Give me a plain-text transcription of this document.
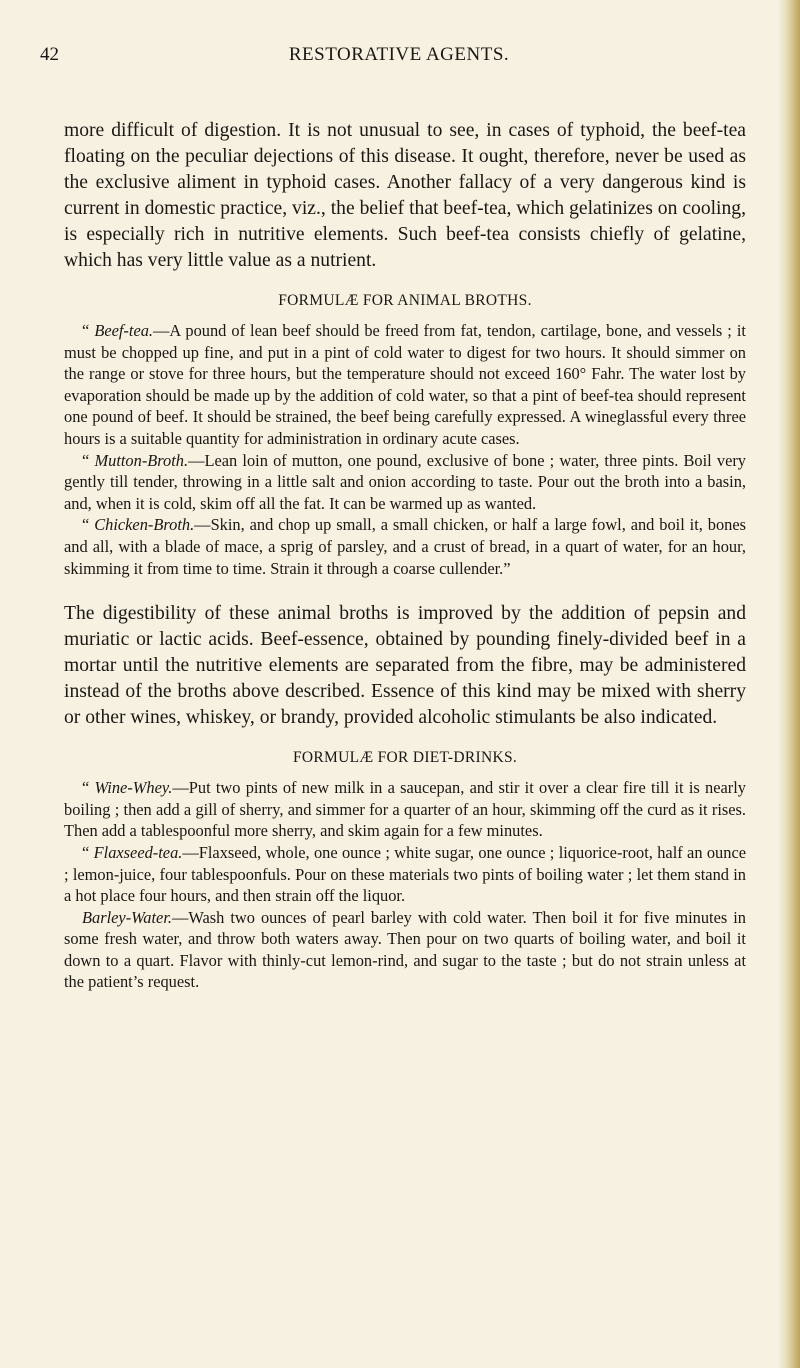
42	RESTORATIVE AGENTS.

more difficult of digestion. It is not unusual to see, in cases of typhoid, the beef-tea floating on the peculiar dejections of this disease. It ought, therefore, never be used as the exclusive aliment in typhoid cases. Another fallacy of a very dangerous kind is current in domestic practice, viz., the belief that beef-tea, which gelatinizes on cooling, is especially rich in nutritive elements. Such beef-tea consists chiefly of gelatine, which has very little value as a nutrient.

FORMULÆ FOR ANIMAL BROTHS.

“ Beef-tea.—A pound of lean beef should be freed from fat, tendon, cartilage, bone, and vessels ; it must be chopped up fine, and put in a pint of cold water to digest for two hours. It should simmer on the range or stove for three hours, but the temperature should not exceed 160° Fahr. The water lost by evaporation should be made up by the addition of cold water, so that a pint of beef-tea should represent one pound of beef. It should be strained, the beef being carefully expressed. A wineglassful every three hours is a suitable quantity for administration in ordinary acute cases.

“ Mutton-Broth.—Lean loin of mutton, one pound, exclusive of bone ; water, three pints. Boil very gently till tender, throwing in a little salt and onion according to taste. Pour out the broth into a basin, and, when it is cold, skim off all the fat. It can be warmed up as wanted.

“ Chicken-Broth.—Skin, and chop up small, a small chicken, or half a large fowl, and boil it, bones and all, with a blade of mace, a sprig of parsley, and a crust of bread, in a quart of water, for an hour, skimming it from time to time. Strain it through a coarse cullender.”

The digestibility of these animal broths is improved by the addition of pepsin and muriatic or lactic acids. Beef-essence, obtained by pounding finely-divided beef in a mortar until the nutritive elements are separated from the fibre, may be administered instead of the broths above described. Essence of this kind may be mixed with sherry or other wines, whiskey, or brandy, provided alcoholic stimulants be also indicated.

FORMULÆ FOR DIET-DRINKS.

“ Wine-Whey.—Put two pints of new milk in a saucepan, and stir it over a clear fire till it is nearly boiling ; then add a gill of sherry, and simmer for a quarter of an hour, skimming off the curd as it rises. Then add a tablespoonful more sherry, and skim again for a few minutes.

“ Flaxseed-tea.—Flaxseed, whole, one ounce ; white sugar, one ounce ; liquorice-root, half an ounce ; lemon-juice, four tablespoonfuls. Pour on these materials two pints of boiling water ; let them stand in a hot place four hours, and then strain off the liquor.

Barley-Water.—Wash two ounces of pearl barley with cold water. Then boil it for five minutes in some fresh water, and throw both waters away. Then pour on two quarts of boiling water, and boil it down to a quart. Flavor with thinly-cut lemon-rind, and sugar to the taste ; but do not strain unless at the patient’s request.
